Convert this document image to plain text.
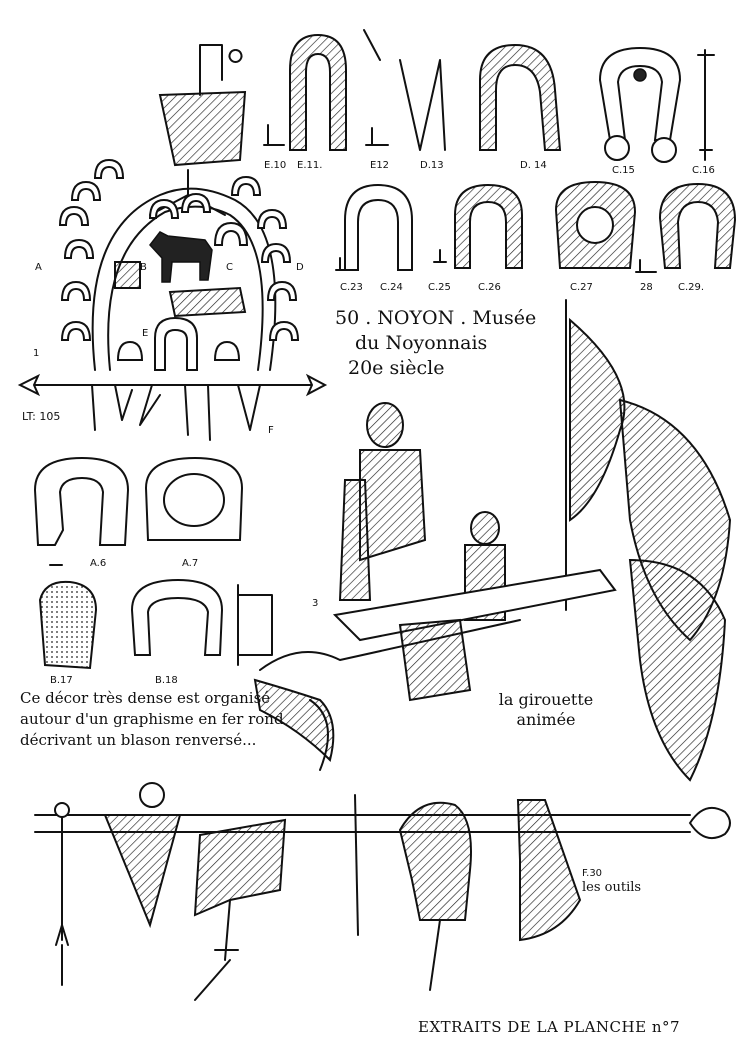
50 . NOYON . Musée
du Noyonnais
20e siècle
LT: 105
A	B	C	D
E
F
1
3
E.10 E.11.	E12	D.13	D. 14	C.15	C.16
C.23 C.24	C.25	C.26	C.27	28	C.29.
A.6	A.7
B.17	B.18
Ce décor très dense est organisé autour d'un graphisme en fer rond décrivant un blason renversé...
la girouette animée
F.30
les outils
EXTRAITS DE LA PLANCHE n°7
